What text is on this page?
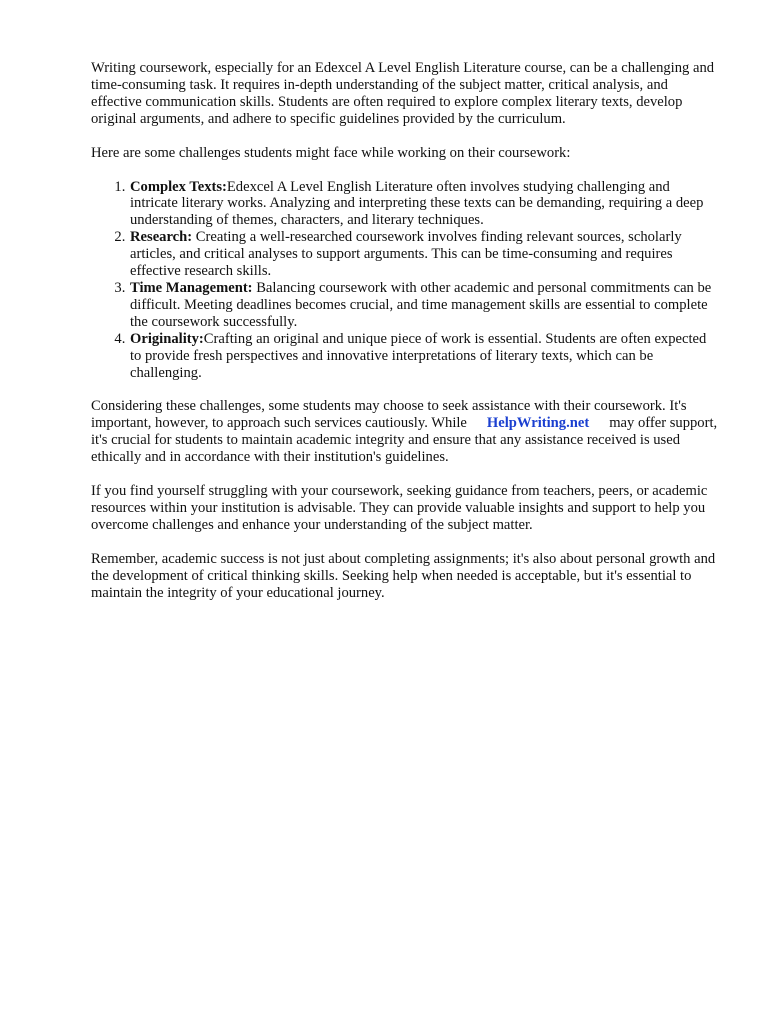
Writing coursework, especially for an Edexcel A Level English Literature course, can be a challenging and time-consuming task. It requires in-depth understanding of the subject matter, critical analysis, and effective communication skills. Students are often required to explore complex literary texts, develop original arguments, and adhere to specific guidelines provided by the curriculum.

Here are some challenges students might face while working on their coursework:

1. Complex Texts:Edexcel A Level English Literature often involves studying challenging and intricate literary works. Analyzing and interpreting these texts can be demanding, requiring a deep understanding of themes, characters, and literary techniques.
2. Research: Creating a well-researched coursework involves finding relevant sources, scholarly articles, and critical analyses to support arguments. This can be time-consuming and requires effective research skills.
3. Time Management: Balancing coursework with other academic and personal commitments can be difficult. Meeting deadlines becomes crucial, and time management skills are essential to complete the coursework successfully.
4. Originality:Crafting an original and unique piece of work is essential. Students are often expected to provide fresh perspectives and innovative interpretations of literary texts, which can be challenging.

Considering these challenges, some students may choose to seek assistance with their coursework. It's important, however, to approach such services cautiously. While HelpWriting.net may offer support, it's crucial for students to maintain academic integrity and ensure that any assistance received is used ethically and in accordance with their institution's guidelines.

If you find yourself struggling with your coursework, seeking guidance from teachers, peers, or academic resources within your institution is advisable. They can provide valuable insights and support to help you overcome challenges and enhance your understanding of the subject matter.

Remember, academic success is not just about completing assignments; it's also about personal growth and the development of critical thinking skills. Seeking help when needed is acceptable, but it's essential to maintain the integrity of your educational journey.
